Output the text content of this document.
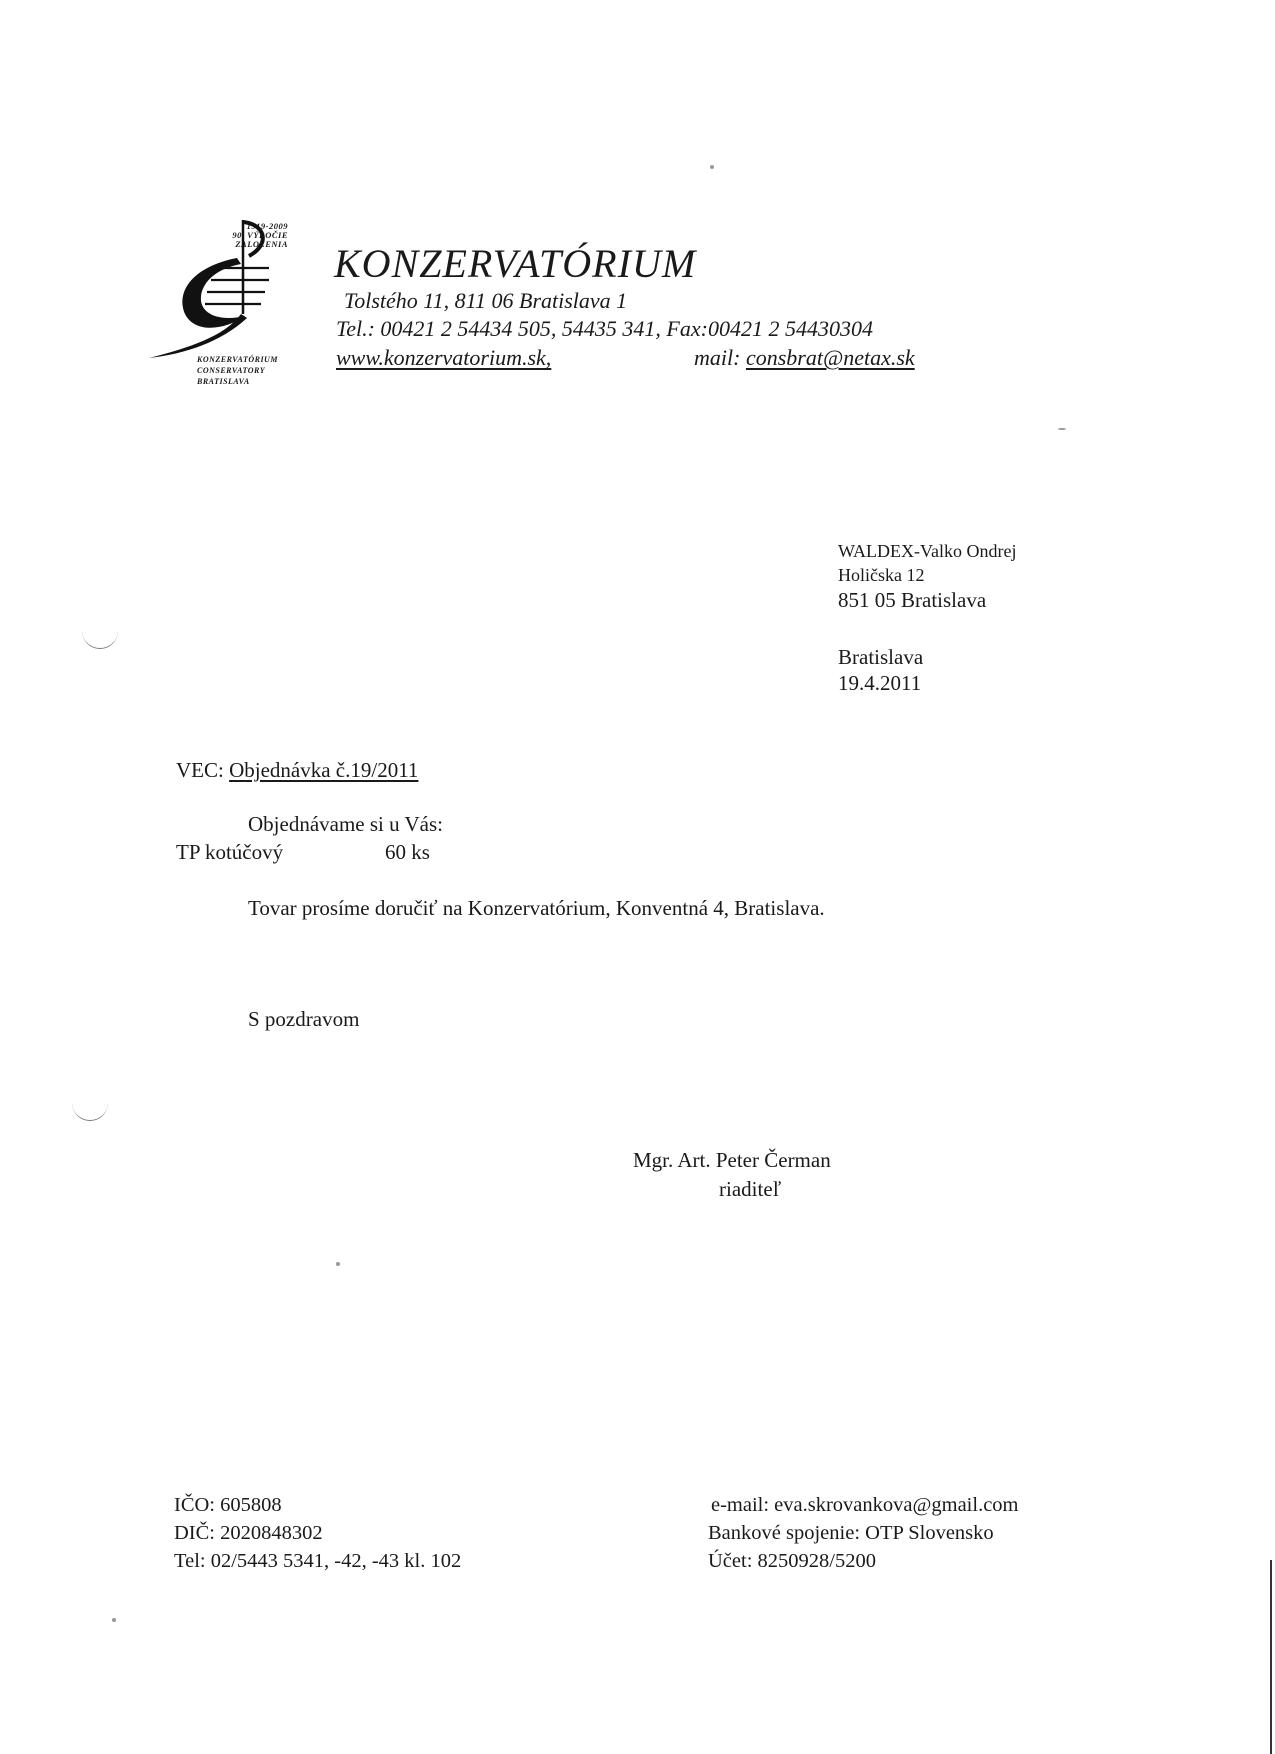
1919-2009
90. VÝROČIE
ZALOŽENIA
KONZERVATÓRIUM
CONSERVATORY
BRATISLAVA
KONZERVATÓRIUM
Tolstého 11, 811 06 Bratislava 1
Tel.: 00421 2 54434 505, 54435 341, Fax:00421 2 54430304
www.konzervatorium.sk,	mail: consbrat@netax.sk
WALDEX-Valko Ondrej
Holičska 12
851 05 Bratislava
Bratislava
19.4.2011
VEC: Objednávka č.19/2011
Objednávame si u Vás:
TP kotúčový	60 ks
Tovar prosíme doručiť na Konzervatórium, Konventná 4, Bratislava.
S pozdravom
Mgr. Art. Peter Čerman
riaditeľ
IČO: 605808
DIČ: 2020848302
Tel: 02/5443 5341, -42, -43 kl. 102
e-mail: eva.skrovankova@gmail.com
Bankové spojenie: OTP Slovensko
Účet: 8250928/5200
